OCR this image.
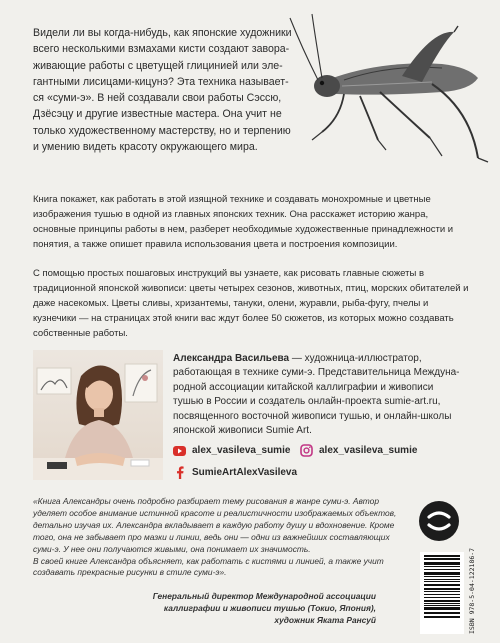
Видели ли вы когда-нибудь, как японские художники
всего несколькими взмахами кисти создают завора-
живающие работы с цветущей глицинией или эле-
гантными лисицами-кицунэ? Эта техника называет-
ся «суми-э». В ней создавали свои работы Сэссю,
Дзёсэцу и другие известные мастера. Она учит не
только художественному мастерству, но и терпению
и умению видеть красоту окружающего мира.

Книга покажет, как работать в этой изящной технике и создавать монохромные и цветные
изображения тушью в одной из главных японских техник. Она расскажет историю жанра,
основные принципы работы в нем, разберет необходимые художественные принадлежности и
понятия, а также опишет правила использования цвета и построения композиции.

С помощью простых пошаговых инструкций вы узнаете, как рисовать главные сюжеты в
традиционной японской живописи: цветы четырех сезонов, животных, птиц, морских обитателей и
даже насекомых. Цветы сливы, хризантемы, тануки, олени, журавли, рыба-фугу, пчелы и
кузнечики — на страницах этой книги вас ждут более 50 сюжетов, из которых можно создавать
собственные работы.

Александра Васильева — художница-иллюстратор,
работающая в технике суми-э. Представительница Междуна-
родной ассоциации китайской каллиграфии и живописи
тушью в России и создатель онлайн-проекта sumie-art.ru,
посвященного восточной живописи тушью, и онлайн-школы
японской живописи Sumie Art.

alex_vasileva_sumie	alex_vasileva_sumie
SumieArtAlexVasileva

«Книга Александры очень подробно разбирает тему рисования в жанре суми-э. Автор
уделяет особое внимание истинной красоте и реалистичности изображаемых объектов,
детально изучая их. Александра вкладывает в каждую работу душу и вдохновение. Кроме
того, она не забывает про мазки и линии, ведь они — одни из важнейших составляющих
суми-э. У нее они получаются живыми, она понимает их значимость.
В своей книге Александра объясняет, как работать с кистями и линией, а также учит
создавать прекрасные рисунки в стиле суми-э».

Генеральный директор Международной ассоциации
каллиграфии и живописи тушью (Токио, Япония),
художник Яката Рансуй	ISBN 978-5-04-122186-7
